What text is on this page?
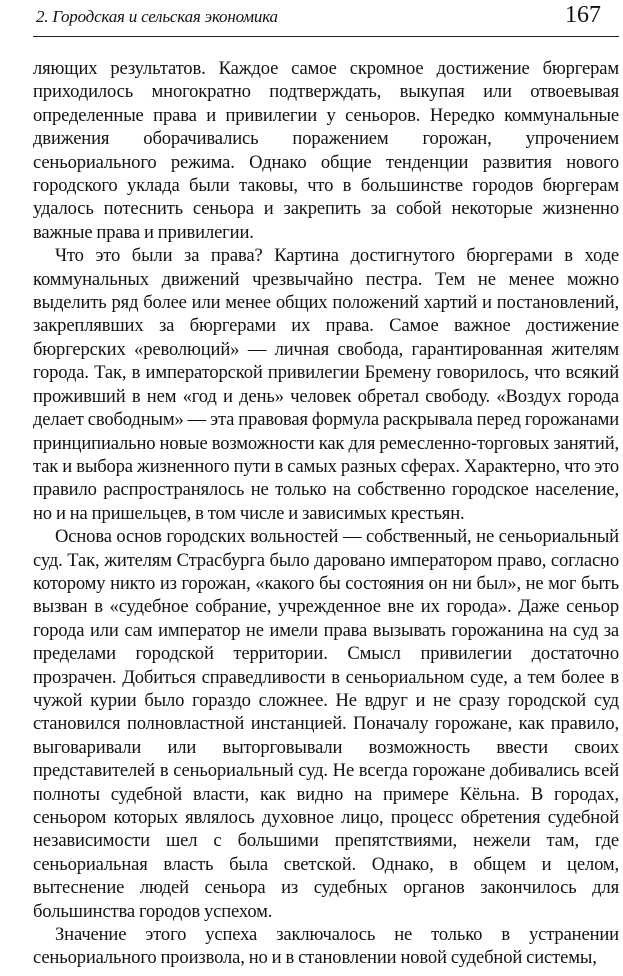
2. Городская и сельская экономика	167

ляющих результатов. Каждое самое скромное достижение бюргерам приходилось многократно подтверждать, выкупая или отвоевывая определенные права и привилегии у сеньоров. Нередко коммунальные движения оборачивались поражением горожан, упрочением сеньориального режима. Однако общие тенденции развития нового городского уклада были таковы, что в большинстве городов бюргерам удалось потеснить сеньора и закрепить за собой некоторые жизненно важные права и привилегии.

Что это были за права? Картина достигнутого бюргерами в ходе коммунальных движений чрезвычайно пестра. Тем не менее можно выделить ряд более или менее общих положений хартий и постановлений, закреплявших за бюргерами их права. Самое важное достижение бюргерских «революций» — личная свобода, гарантированная жителям города. Так, в императорской привилегии Бремену говорилось, что всякий проживший в нем «год и день» человек обретал свободу. «Воздух города делает свободным» — эта правовая формула раскрывала перед горожанами принципиально новые возможности как для ремесленно-торговых занятий, так и выбора жизненного пути в самых разных сферах. Характерно, что это правило распространялось не только на собственно городское население, но и на пришельцев, в том числе и зависимых крестьян.

Основа основ городских вольностей — собственный, не сеньориальный суд. Так, жителям Страсбурга было даровано императором право, согласно которому никто из горожан, «какого бы состояния он ни был», не мог быть вызван в «судебное собрание, учрежденное вне их города». Даже сеньор города или сам император не имели права вызывать горожанина на суд за пределами городской территории. Смысл привилегии достаточно прозрачен. Добиться справедливости в сеньориальном суде, а тем более в чужой курии было гораздо сложнее. Не вдруг и не сразу городской суд становился полновластной инстанцией. Поначалу горожане, как правило, выговаривали или выторговывали возможность ввести своих представителей в сеньориальный суд. Не всегда горожане добивались всей полноты судебной власти, как видно на примере Кёльна. В городах, сеньором которых являлось духовное лицо, процесс обретения судебной независимости шел с большими препятствиями, нежели там, где сеньориальная власть была светской. Однако, в общем и целом, вытеснение людей сеньора из судебных органов закончилось для большинства городов успехом.

Значение этого успеха заключалось не только в устранении сеньориального произвола, но и в становлении новой судебной системы,
